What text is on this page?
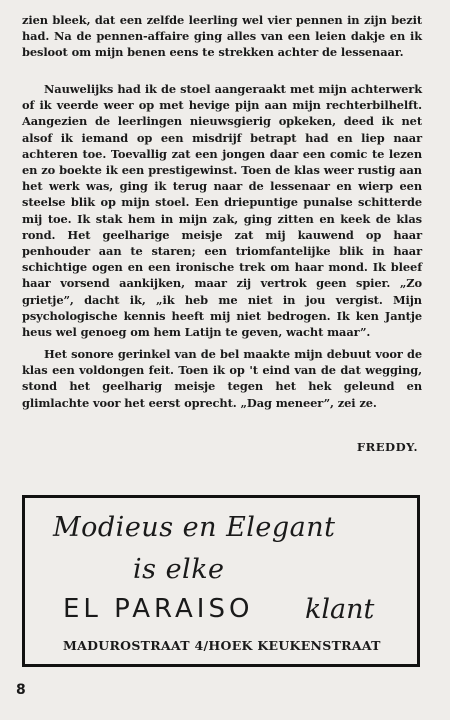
zien bleek, dat een zelfde leerling wel vier pennen in zijn bezit had. Na de pennen-affaire ging alles van een leien dakje en ik besloot om mijn benen eens te strekken achter de lessenaar.

Nauwelijks had ik de stoel aangeraakt met mijn achterwerk of ik veerde weer op met hevige pijn aan mijn rechterbilhelft. Aangezien de leerlingen nieuwsgierig opkeken, deed ik net alsof ik iemand op een misdrijf betrapt had en liep naar achteren toe. Toevallig zat een jongen daar een comic te lezen en zo boekte ik een prestigewinst. Toen de klas weer rustig aan het werk was, ging ik terug naar de lessenaar en wierp een steelse blik op mijn stoel. Een driepuntige punalse schitterde mij toe. Ik stak hem in mijn zak, ging zitten en keek de klas rond. Het geelharige meisje zat mij kauwend op haar penhouder aan te staren; een triomfantelijke blik in haar schichtige ogen en een ironische trek om haar mond. Ik bleef haar vorsend aankijken, maar zij vertrok geen spier. „Zo grietje”, dacht ik, „ik heb me niet in jou vergist. Mijn psychologische kennis heeft mij niet bedrogen. Ik ken Jantje heus wel genoeg om hem Latijn te geven, wacht maar”.

Het sonore gerinkel van de bel maakte mijn debuut voor de klas een voldongen feit. Toen ik op 't eind van de dat wegging, stond het geelharig meisje tegen het hek geleund en glimlachte voor het eerst oprecht. „Dag meneer”, zei ze.

FREDDY.
Modieus en Elegant
is elke
EL PARAISO klant
MADUROSTRAAT 4/HOEK KEUKENSTRAAT
8
